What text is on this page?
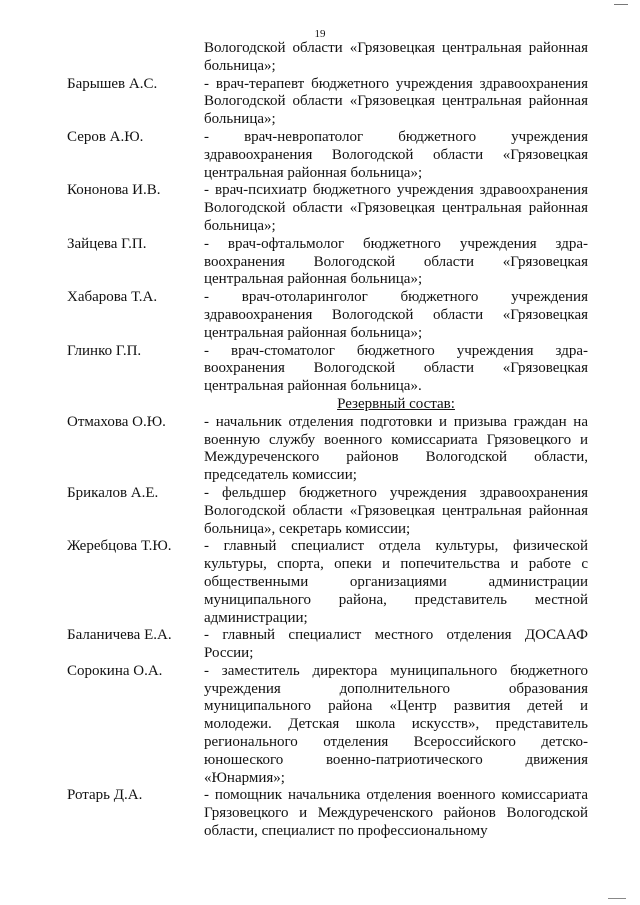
19
Вологодской области «Грязовецкая центральная районная
больница»;
Барышев А.С.	- врач-терапевт бюджетного учреждения здравоохранения
Вологодской области «Грязовецкая центральная районная
больница»;
Серов А.Ю.	- врач-невропатолог бюджетного учреждения
здравоохранения Вологодской области «Грязовецкая
центральная районная больница»;
Кононова И.В.	- врач-психиатр бюджетного учреждения здравоохранения
Вологодской области «Грязовецкая центральная районная
больница»;
Зайцева Г.П.	- врач-офтальмолог бюджетного учреждения здра-
воохранения Вологодской области «Грязовецкая
центральная районная больница»;
Хабарова Т.А.	- врач-отоларинголог бюджетного учреждения
здравоохранения Вологодской области «Грязовецкая
центральная районная больница»;
Глинко Г.П.	- врач-стоматолог бюджетного учреждения здра-
воохранения Вологодской области «Грязовецкая
центральная районная больница».
Резервный состав:
Отмахова О.Ю.	- начальник отделения подготовки и призыва граждан на
военную службу военного комиссариата Грязовецкого и
Междуреченского районов Вологодской области,
председатель комиссии;
Брикалов А.Е.	- фельдшер бюджетного учреждения здравоохранения
Вологодской области «Грязовецкая центральная районная
больница», секретарь комиссии;
Жеребцова Т.Ю. - главный специалист отдела культуры, физической
культуры, спорта, опеки и попечительства и работе с
общественными организациями администрации
муниципального района, представитель местной
администрации;
Баланичева Е.А. - главный специалист местного отделения ДОСААФ
России;
Сорокина О.А.	- заместитель директора муниципального бюджетного
учреждения дополнительного образования
муниципального района «Центр развития детей и
молодежи. Детская школа искусств», представитель
регионального отделения Всероссийского детско-
юношеского военно-патриотического движения
«Юнармия»;
Ротарь Д.А.	- помощник начальника отделения военного комиссариата
Грязовецкого и Междуреченского районов Вологодской
области, специалист по профессиональному
